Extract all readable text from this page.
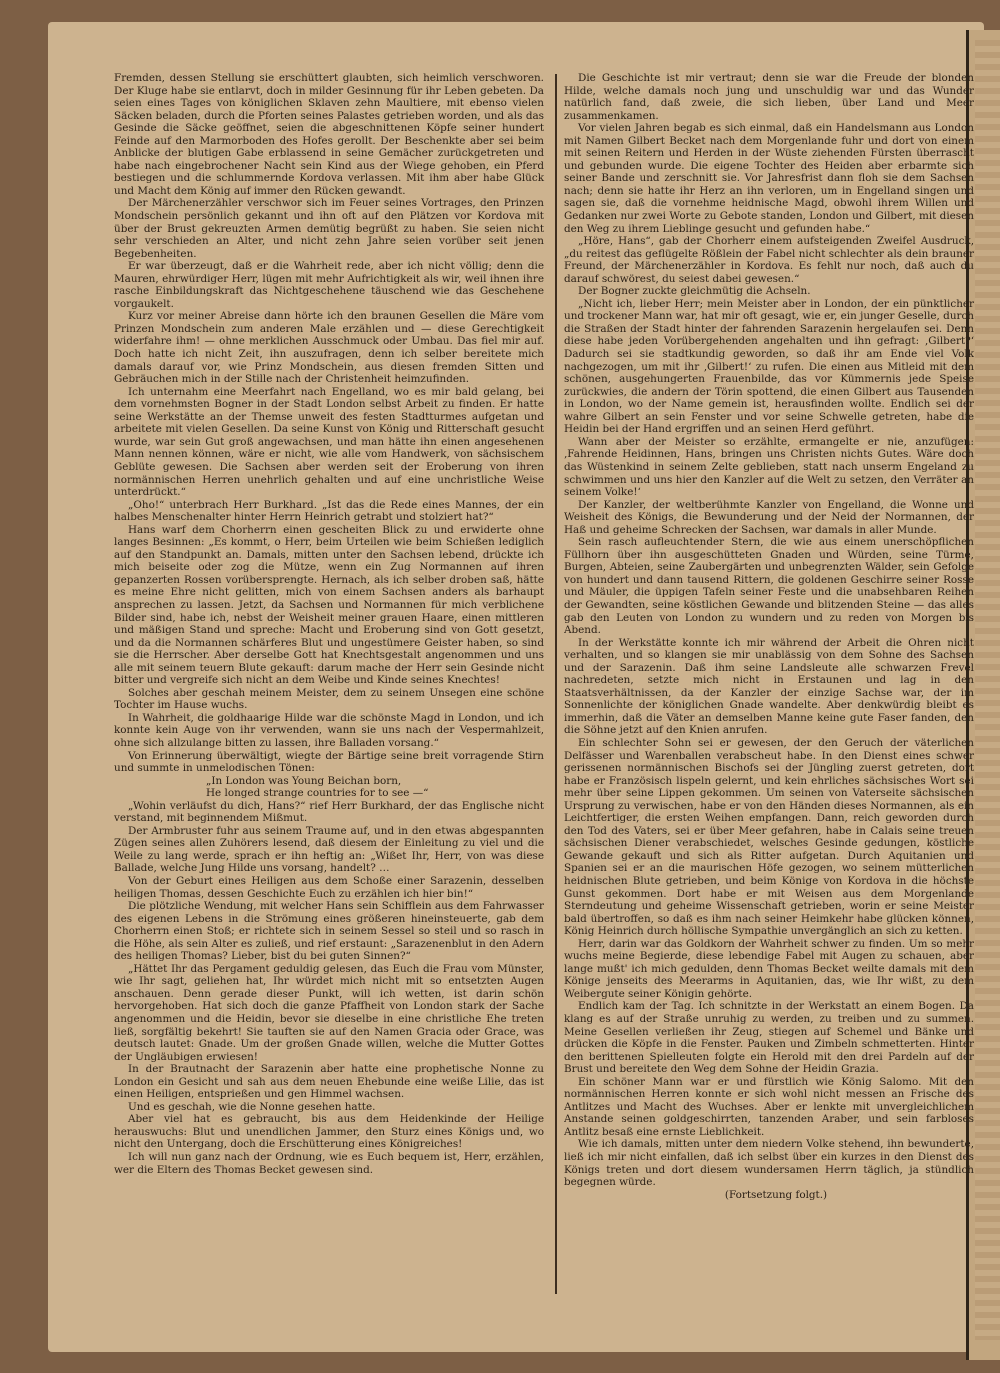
Fremden, dessen Stellung sie erschüttert glaubten, sich heimlich verschworen. Der Kluge habe sie entlarvt, doch in milder Gesinnung für ihr Leben gebeten. Da seien eines Tages von königlichen Sklaven zehn Maultiere, mit ebenso vielen Säcken beladen, durch die Pforten seines Palastes getrieben worden, und als das Gesinde die Säcke geöffnet, seien die abgeschnittenen Köpfe seiner hundert Feinde auf den Marmorboden des Hofes gerollt. Der Beschenkte aber sei beim Anblicke der blutigen Gabe erblassend in seine Gemächer zurückgetreten und habe nach eingebrochener Nacht sein Kind aus der Wiege gehoben, ein Pferd bestiegen und die schlummernde Kordova verlassen. Mit ihm aber habe Glück und Macht dem König auf immer den Rücken gewandt.

Der Märchenerzähler verschwor sich im Feuer seines Vortrages, den Prinzen Mondschein persönlich gekannt und ihn oft auf den Plätzen vor Kordova mit über der Brust gekreuzten Armen demütig begrüßt zu haben. Sie seien nicht sehr verschieden an Alter, und nicht zehn Jahre seien vorüber seit jenen Begebenheiten.

Er war überzeugt, daß er die Wahrheit rede, aber ich nicht völlig; denn die Mauren, ehrwürdiger Herr, lügen mit mehr Aufrichtigkeit als wir, weil ihnen ihre rasche Einbildungskraft das Nichtgeschehene täuschend wie das Geschehene vorgaukelt.

Kurz vor meiner Abreise dann hörte ich den braunen Gesellen die Märe vom Prinzen Mondschein zum anderen Male erzählen und — diese Gerechtigkeit widerfahre ihm! — ohne merklichen Ausschmuck oder Umbau. Das fiel mir auf. Doch hatte ich nicht Zeit, ihn auszufragen, denn ich selber bereitete mich damals darauf vor, wie Prinz Mondschein, aus diesen fremden Sitten und Gebräuchen mich in der Stille nach der Christenheit heimzufinden.

Ich unternahm eine Meerfahrt nach Engelland, wo es mir bald gelang, bei dem vornehmsten Bogner in der Stadt London selbst Arbeit zu finden. Er hatte seine Werkstätte an der Themse unweit des festen Stadtturmes aufgetan und arbeitete mit vielen Gesellen. Da seine Kunst von König und Ritterschaft gesucht wurde, war sein Gut groß angewachsen, und man hätte ihn einen angesehenen Mann nennen können, wäre er nicht, wie alle vom Handwerk, von sächsischem Geblüte gewesen. Die Sachsen aber werden seit der Eroberung von ihren normännischen Herren unehrlich gehalten und auf eine unchristliche Weise unterdrückt.“

„Oho!“ unterbrach Herr Burkhard. „Ist das die Rede eines Mannes, der ein halbes Menschenalter hinter Herrn Heinrich getrabt und stolziert hat?“

Hans warf dem Chorherrn einen gescheiten Blick zu und erwiderte ohne langes Besinnen: „Es kommt, o Herr, beim Urteilen wie beim Schießen lediglich auf den Standpunkt an. Damals, mitten unter den Sachsen lebend, drückte ich mich beiseite oder zog die Mütze, wenn ein Zug Normannen auf ihren gepanzerten Rossen vorübersprengte. Hernach, als ich selber droben saß, hätte es meine Ehre nicht gelitten, mich von einem Sachsen anders als barhaupt ansprechen zu lassen. Jetzt, da Sachsen und Normannen für mich verblichene Bilder sind, habe ich, nebst der Weisheit meiner grauen Haare, einen mittleren und mäßigen Stand und spreche: Macht und Eroberung sind von Gott gesetzt, und da die Normannen schärferes Blut und ungestümere Geister haben, so sind sie die Herrscher. Aber derselbe Gott hat Knechtsgestalt angenommen und uns alle mit seinem teuern Blute gekauft: darum mache der Herr sein Gesinde nicht bitter und vergreife sich nicht an dem Weibe und Kinde seines Knechtes!

Solches aber geschah meinem Meister, dem zu seinem Unsegen eine schöne Tochter im Hause wuchs.

In Wahrheit, die goldhaarige Hilde war die schönste Magd in London, und ich konnte kein Auge von ihr verwenden, wann sie uns nach der Vespermahlzeit, ohne sich allzulange bitten zu lassen, ihre Balladen vorsang.“

Von Erinnerung überwältigt, wiegte der Bärtige seine breit vorragende Stirn und summte in unmelodischen Tönen:

„In London was Young Beichan born,

He longed strange countries for to see —“

„Wohin verläufst du dich, Hans?“ rief Herr Burkhard, der das Englische nicht verstand, mit beginnendem Mißmut.

Der Armbruster fuhr aus seinem Traume auf, und in den etwas abgespannten Zügen seines allen Zuhörers lesend, daß diesem der Einleitung zu viel und die Weile zu lang werde, sprach er ihn heftig an: „Wißet Ihr, Herr, von was diese Ballade, welche Jung Hilde uns vorsang, handelt? …

Von der Geburt eines Heiligen aus dem Schoße einer Sarazenin, desselben heiligen Thomas, dessen Geschichte Euch zu erzählen ich hier bin!“

Die plötzliche Wendung, mit welcher Hans sein Schifflein aus dem Fahrwasser des eigenen Lebens in die Strömung eines größeren hineinsteuerte, gab dem Chorherrn einen Stoß; er richtete sich in seinem Sessel so steil und so rasch in die Höhe, als sein Alter es zuließ, und rief erstaunt: „Sarazenenblut in den Adern des heiligen Thomas? Lieber, bist du bei guten Sinnen?“

„Hättet Ihr das Pergament geduldig gelesen, das Euch die Frau vom Münster, wie Ihr sagt, geliehen hat, Ihr würdet mich nicht mit so entsetzten Augen anschauen. Denn gerade dieser Punkt, will ich wetten, ist darin schön hervorgehoben. Hat sich doch die ganze Pfaffheit von London stark der Sache angenommen und die Heidin, bevor sie dieselbe in eine christliche Ehe treten ließ, sorgfältig bekehrt! Sie tauften sie auf den Namen Gracia oder Grace, was deutsch lautet: Gnade. Um der großen Gnade willen, welche die Mutter Gottes der Ungläubigen erwiesen!

In der Brautnacht der Sarazenin aber hatte eine prophetische Nonne zu London ein Gesicht und sah aus dem neuen Ehebunde eine weiße Lilie, das ist einen Heiligen, entsprießen und gen Himmel wachsen.

Und es geschah, wie die Nonne gesehen hatte.

Aber viel hat es gebraucht, bis aus dem Heidenkinde der Heilige herauswuchs: Blut und unendlichen Jammer, den Sturz eines Königs und, wo nicht den Untergang, doch die Erschütterung eines Königreiches!

Ich will nun ganz nach der Ordnung, wie es Euch bequem ist, Herr, erzählen, wer die Eltern des Thomas Becket gewesen sind.

Die Geschichte ist mir vertraut; denn sie war die Freude der blonden Hilde, welche damals noch jung und unschuldig war und das Wunder natürlich fand, daß zweie, die sich lieben, über Land und Meer zusammenkamen.

Vor vielen Jahren begab es sich einmal, daß ein Handelsmann aus London mit Namen Gilbert Becket nach dem Morgenlande fuhr und dort von einem mit seinen Reitern und Herden in der Wüste ziehenden Fürsten überrascht und gebunden wurde. Die eigene Tochter des Heiden aber erbarmte sich seiner Bande und zerschnitt sie. Vor Jahresfrist dann floh sie dem Sachsen nach; denn sie hatte ihr Herz an ihn verloren, um in Engelland singen und sagen sie, daß die vornehme heidnische Magd, obwohl ihrem Willen und Gedanken nur zwei Worte zu Gebote standen, London und Gilbert, mit diesen den Weg zu ihrem Lieblinge gesucht und gefunden habe.“

„Höre, Hans“, gab der Chorherr einem aufsteigenden Zweifel Ausdruck, „du reitest das geflügelte Rößlein der Fabel nicht schlechter als dein brauner Freund, der Märchenerzähler in Kordova. Es fehlt nur noch, daß auch du darauf schwörest, du seiest dabei gewesen.“

Der Bogner zuckte gleichmütig die Achseln.

„Nicht ich, lieber Herr; mein Meister aber in London, der ein pünktlicher und trockener Mann war, hat mir oft gesagt, wie er, ein junger Geselle, durch die Straßen der Stadt hinter der fahrenden Sarazenin hergelaufen sei. Denn diese habe jeden Vorübergehenden angehalten und ihn gefragt: ‚Gilbert?‘ Dadurch sei sie stadtkundig geworden, so daß ihr am Ende viel Volk nachgezogen, um mit ihr ‚Gilbert!‘ zu rufen. Die einen aus Mitleid mit dem schönen, ausgehungerten Frauenbilde, das vor Kümmernis jede Speise zurückwies, die andern der Törin spottend, die einen Gilbert aus Tausenden in London, wo der Name gemein ist, herausfinden wollte. Endlich sei der wahre Gilbert an sein Fenster und vor seine Schwelle getreten, habe die Heidin bei der Hand ergriffen und an seinen Herd geführt.

Wann aber der Meister so erzählte, ermangelte er nie, anzufügen: ‚Fahrende Heidinnen, Hans, bringen uns Christen nichts Gutes. Wäre doch das Wüstenkind in seinem Zelte geblieben, statt nach unserm Engeland zu schwimmen und uns hier den Kanzler auf die Welt zu setzen, den Verräter an seinem Volke!‘

Der Kanzler, der weltberühmte Kanzler von Engelland, die Wonne und Weisheit des Königs, die Bewunderung und der Neid der Normannen, der Haß und geheime Schrecken der Sachsen, war damals in aller Munde.

Sein rasch aufleuchtender Stern, die wie aus einem unerschöpflichen Füllhorn über ihn ausgeschütteten Gnaden und Würden, seine Türme, Burgen, Abteien, seine Zaubergärten und unbegrenzten Wälder, sein Gefolge von hundert und dann tausend Rittern, die goldenen Geschirre seiner Rosse und Mäuler, die üppigen Tafeln seiner Feste und die unabsehbaren Reihen der Gewandten, seine köstlichen Gewande und blitzenden Steine — das alles gab den Leuten von London zu wundern und zu reden von Morgen bis Abend.

In der Werkstätte konnte ich mir während der Arbeit die Ohren nicht verhalten, und so klangen sie mir unablässig von dem Sohne des Sachsen und der Sarazenin. Daß ihm seine Landsleute alle schwarzen Frevel nachredeten, setzte mich nicht in Erstaunen und lag in den Staatsverhältnissen, da der Kanzler der einzige Sachse war, der im Sonnenlichte der königlichen Gnade wandelte. Aber denkwürdig bleibt es immerhin, daß die Väter an demselben Manne keine gute Faser fanden, den die Söhne jetzt auf den Knien anrufen.

Ein schlechter Sohn sei er gewesen, der den Geruch der väterlichen Delfässer und Warenballen verabscheut habe. In den Dienst eines schwer gerissenen normännischen Bischofs sei der Jüngling zuerst getreten, dort habe er Französisch lispeln gelernt, und kein ehrliches sächsisches Wort sei mehr über seine Lippen gekommen. Um seinen von Vaterseite sächsischen Ursprung zu verwischen, habe er von den Händen dieses Normannen, als ein Leichtfertiger, die ersten Weihen empfangen. Dann, reich geworden durch den Tod des Vaters, sei er über Meer gefahren, habe in Calais seine treuen sächsischen Diener verabschiedet, welsches Gesinde gedungen, köstliche Gewande gekauft und sich als Ritter aufgetan. Durch Aquitanien und Spanien sei er an die maurischen Höfe gezogen, wo seinem mütterlichen heidnischen Blute getrieben, und beim Könige von Kordova in die höchste Gunst gekommen. Dort habe er mit Weisen aus dem Morgenlande Sterndeutung und geheime Wissenschaft getrieben, worin er seine Meister bald übertroffen, so daß es ihm nach seiner Heimkehr habe glücken können, König Heinrich durch höllische Sympathie unvergänglich an sich zu ketten.

Herr, darin war das Goldkorn der Wahrheit schwer zu finden. Um so mehr wuchs meine Begierde, diese lebendige Fabel mit Augen zu schauen, aber lange mußt' ich mich gedulden, denn Thomas Becket weilte damals mit dem Könige jenseits des Meerarms in Aquitanien, das, wie Ihr wißt, zu dem Weibergute seiner Königin gehörte.

Endlich kam der Tag. Ich schnitzte in der Werkstatt an einem Bogen. Da klang es auf der Straße unruhig zu werden, zu treiben und zu summen. Meine Gesellen verließen ihr Zeug, stiegen auf Schemel und Bänke und drücken die Köpfe in die Fenster. Pauken und Zimbeln schmetterten. Hinter den berittenen Spielleuten folgte ein Herold mit den drei Pardeln auf der Brust und bereitete den Weg dem Sohne der Heidin Grazia.

Ein schöner Mann war er und fürstlich wie König Salomo. Mit den normännischen Herren konnte er sich wohl nicht messen an Frische des Antlitzes und Macht des Wuchses. Aber er lenkte mit unvergleichlichem Anstande seinen goldgeschirrten, tanzenden Araber, und sein farbloses Antlitz besaß eine ernste Lieblichkeit.

Wie ich damals, mitten unter dem niedern Volke stehend, ihn bewunderte, ließ ich mir nicht einfallen, daß ich selbst über ein kurzes in den Dienst des Königs treten und dort diesem wundersamen Herrn täglich, ja stündlich begegnen würde.

(Fortsetzung folgt.)
